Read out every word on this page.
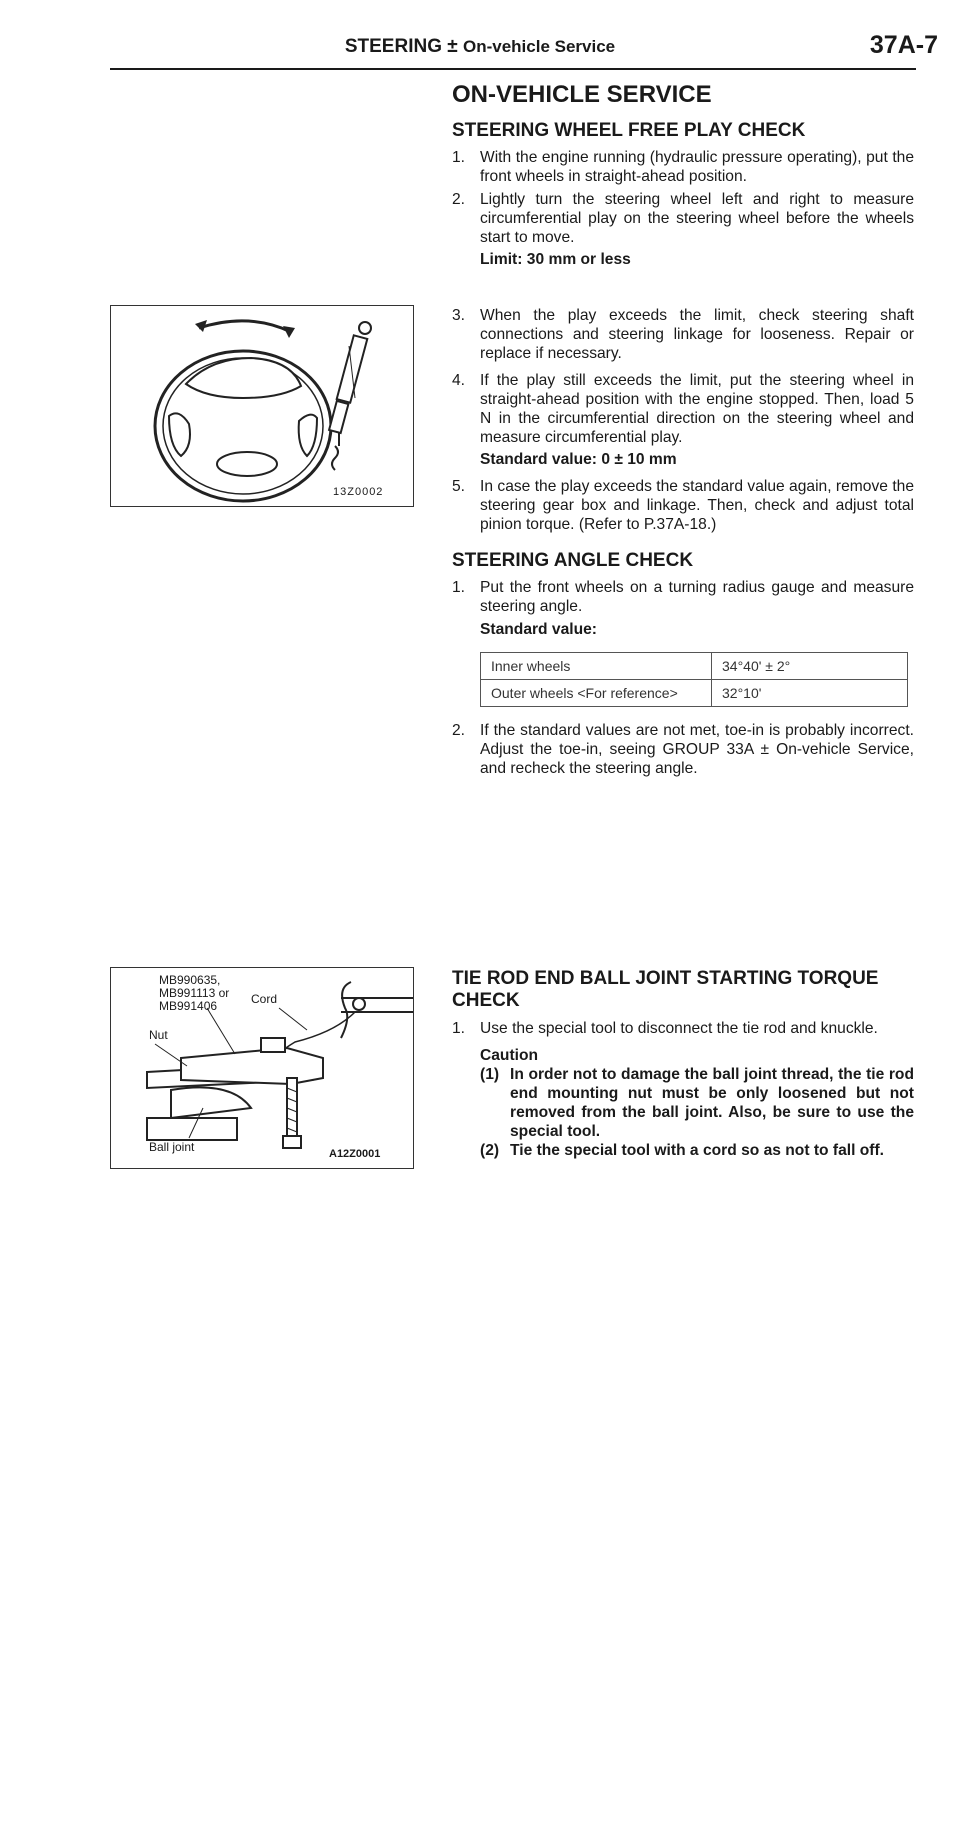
STEERING ± On-vehicle Service	37A-7
ON-VEHICLE SERVICE
STEERING WHEEL FREE PLAY CHECK
1. With the engine running (hydraulic pressure operating), put the front wheels in straight-ahead position.
2. Lightly turn the steering wheel left and right to measure circumferential play on the steering wheel before the wheels start to move.
Limit: 30 mm or less
13Z0002
3. When the play exceeds the limit, check steering shaft connections and steering linkage for looseness. Repair or replace if necessary.
4. If the play still exceeds the limit, put the steering wheel in straight-ahead position with the engine stopped. Then, load 5 N in the circumferential direction on the steering wheel and measure circumferential play.
Standard value: 0 ± 10 mm
5. In case the play exceeds the standard value again, remove the steering gear box and linkage. Then, check and adjust total pinion torque. (Refer to P.37A-18.)
STEERING ANGLE CHECK
1. Put the front wheels on a turning radius gauge and measure steering angle.
Standard value:
Inner wheels	34°40' ± 2°
Outer wheels <For reference>	32°10'
2. If the standard values are not met, toe-in is probably incorrect. Adjust the toe-in, seeing GROUP 33A ± On-vehicle Service, and recheck the steering angle.
MB990635,
MB991113 or
MB991406	Cord
Nut
Ball joint	A12Z0001
TIE ROD END BALL JOINT STARTING TORQUE CHECK
1. Use the special tool to disconnect the tie rod and knuckle.
Caution
(1) In order not to damage the ball joint thread, the tie rod end mounting nut must be only loosened but not removed from the ball joint. Also, be sure to use the special tool.
(2) Tie the special tool with a cord so as not to fall off.
